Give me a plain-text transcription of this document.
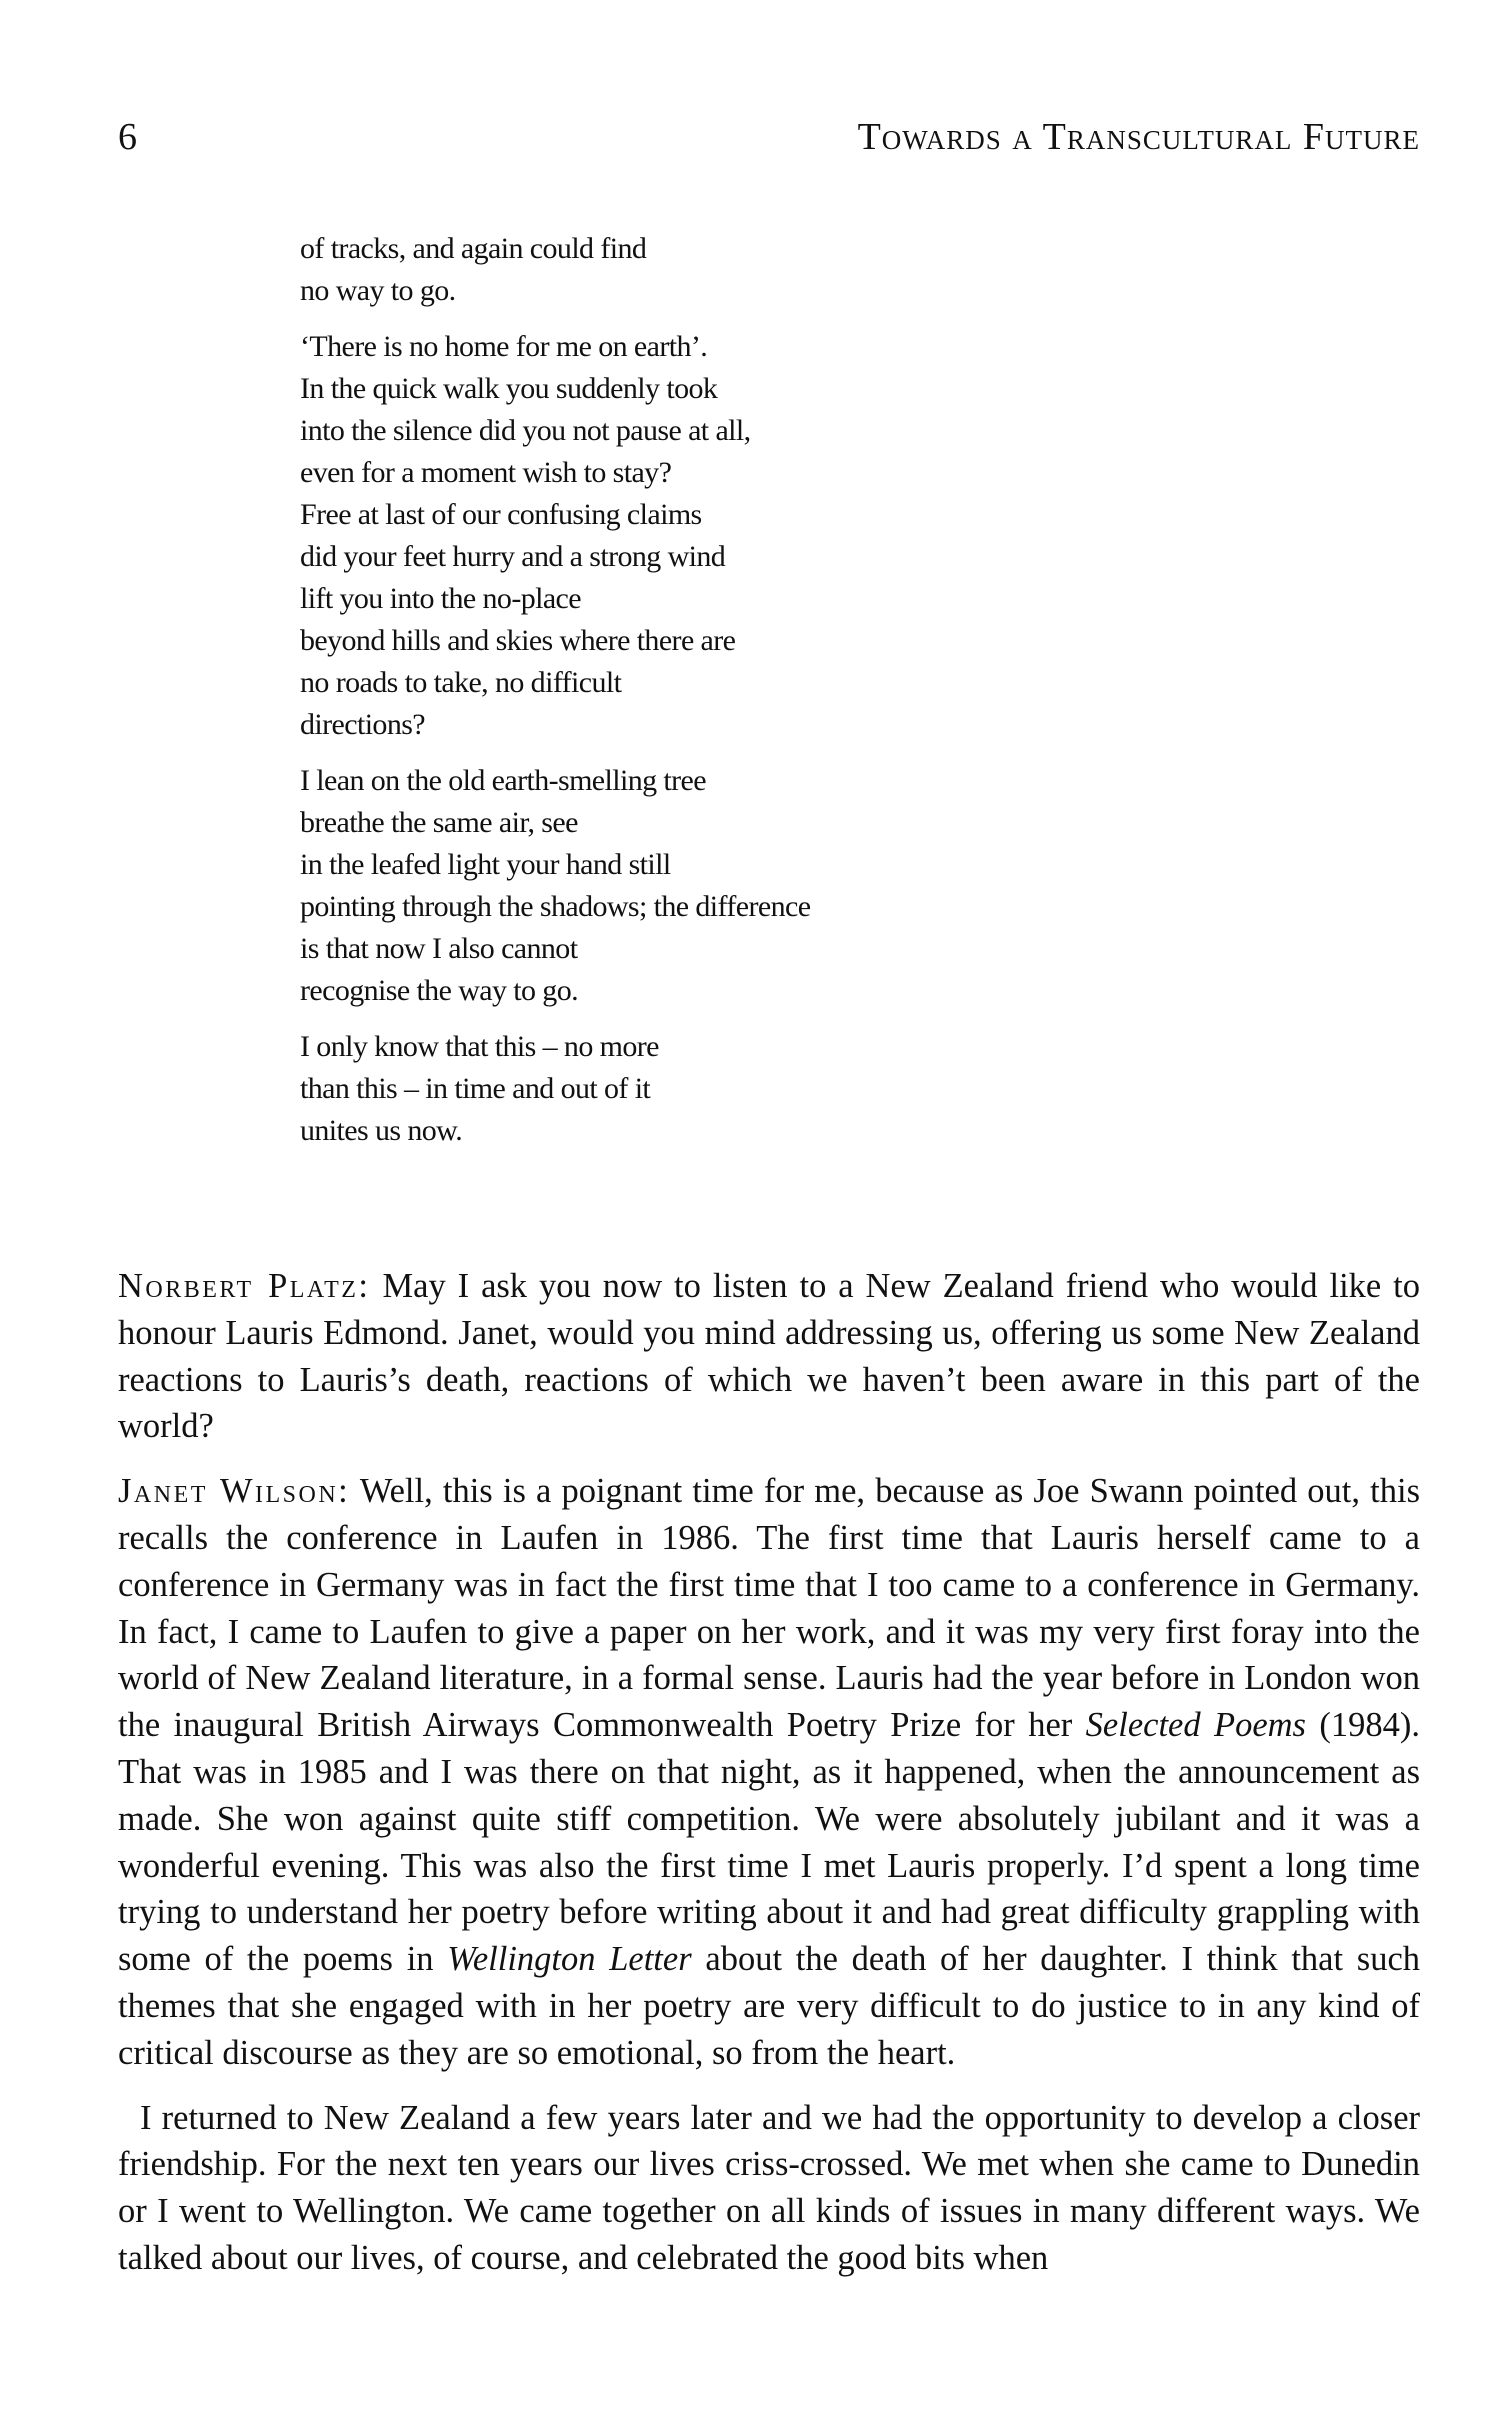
6	Towards a Transcultural Future
of tracks, and again could find
no way to go.
‘There is no home for me on earth’.
In the quick walk you suddenly took
into the silence did you not pause at all,
even for a moment wish to stay?
Free at last of our confusing claims
did your feet hurry and a strong wind
lift you into the no-place
beyond hills and skies where there are
no roads to take, no difficult
directions?
I lean on the old earth-smelling tree
breathe the same air, see
in the leafed light your hand still
pointing through the shadows; the difference
is that now I also cannot
recognise the way to go.
I only know that this – no more
than this – in time and out of it
unites us now.

Norbert Platz: May I ask you now to listen to a New Zealand friend who would like to honour Lauris Edmond. Janet, would you mind addressing us, offering us some New Zealand reactions to Lauris’s death, reactions of which we haven’t been aware in this part of the world?

Janet Wilson: Well, this is a poignant time for me, because as Joe Swann pointed out, this recalls the conference in Laufen in 1986. The first time that Lauris herself came to a conference in Germany was in fact the first time that I too came to a conference in Germany. In fact, I came to Laufen to give a paper on her work, and it was my very first foray into the world of New Zealand literature, in a formal sense. Lauris had the year before in London won the inaugural British Airways Commonwealth Poetry Prize for her Selected Poems (1984). That was in 1985 and I was there on that night, as it happened, when the announcement as made. She won against quite stiff competition. We were absolutely jubilant and it was a wonderful evening. This was also the first time I met Lauris properly. I’d spent a long time trying to understand her poetry before writing about it and had great difficulty grappling with some of the poems in Wellington Letter about the death of her daughter. I think that such themes that she engaged with in her poetry are very difficult to do justice to in any kind of critical discourse as they are so emotional, so from the heart.

I returned to New Zealand a few years later and we had the opportunity to develop a closer friendship. For the next ten years our lives criss-crossed. We met when she came to Dunedin or I went to Wellington. We came together on all kinds of issues in many different ways. We talked about our lives, of course, and celebrated the good bits when
